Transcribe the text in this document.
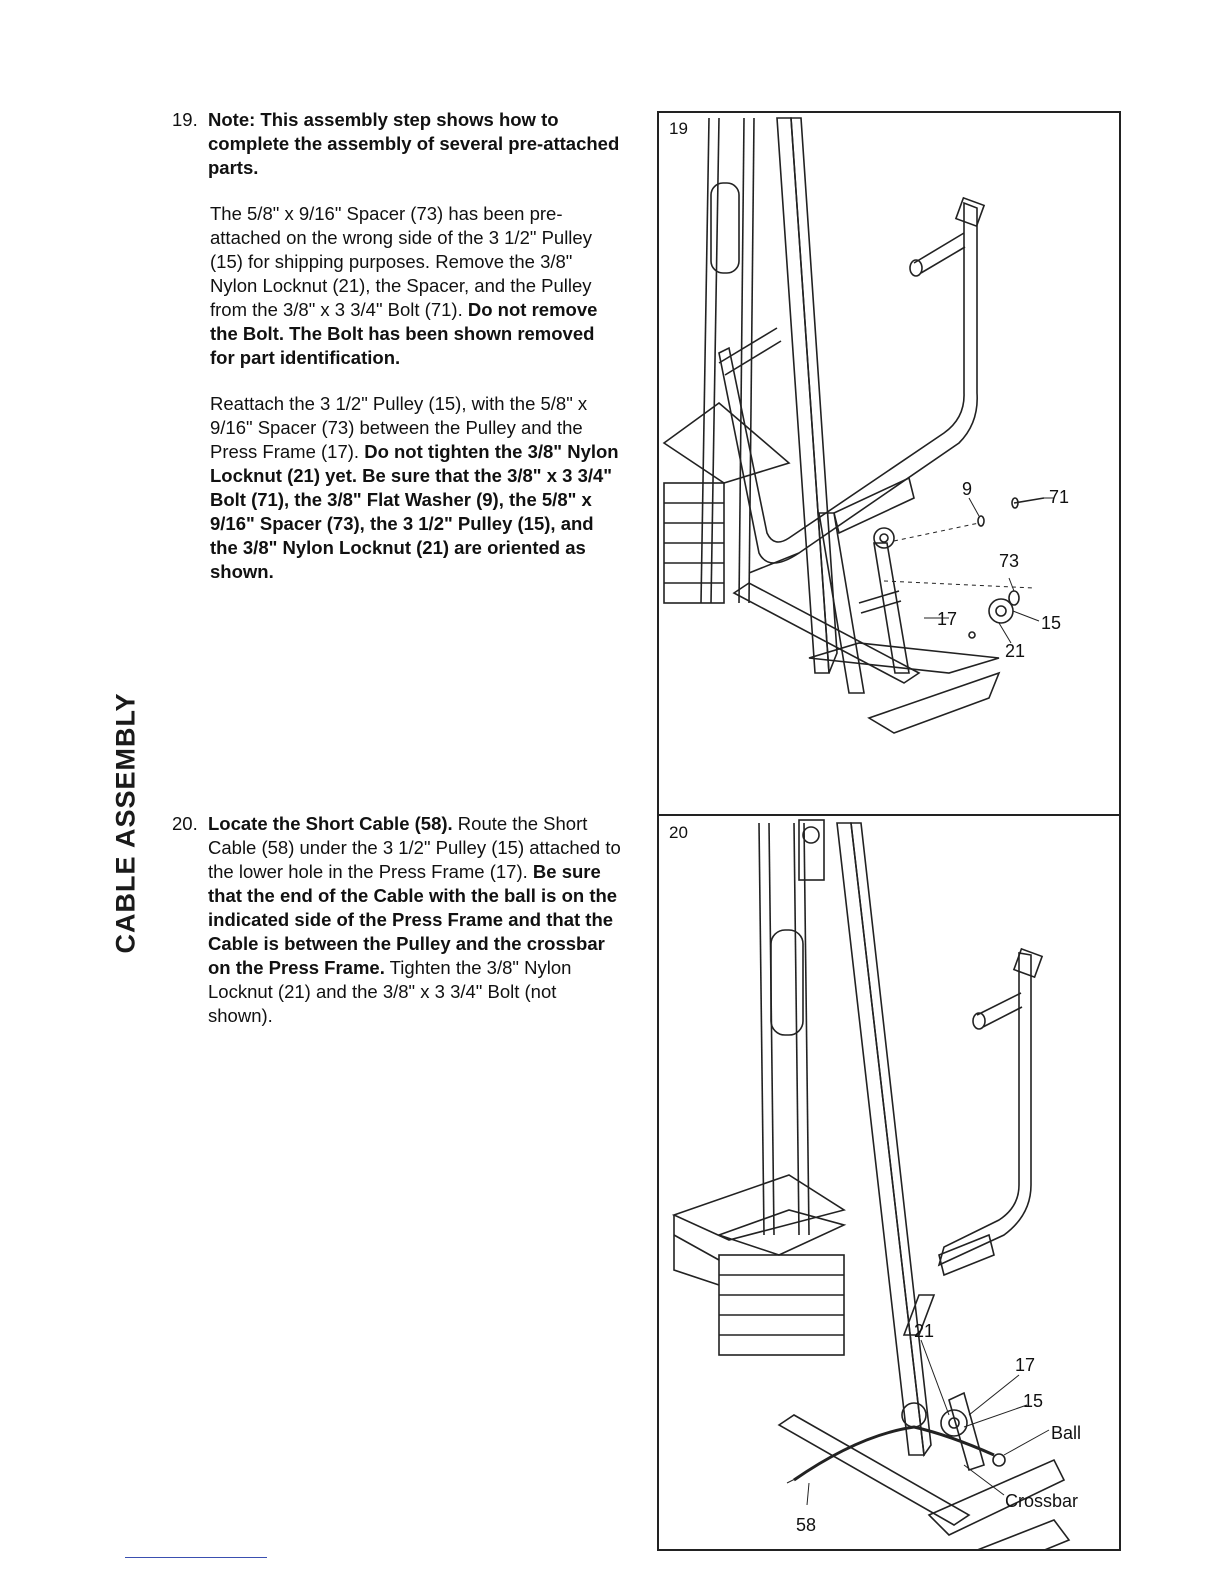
CABLE ASSEMBLY
19. Note: This assembly step shows how to complete the assembly of several pre-attached parts.

The 5/8" x 9/16" Spacer (73) has been pre-attached on the wrong side of the 3 1/2" Pulley (15) for shipping purposes. Remove the 3/8" Nylon Locknut (21), the Spacer, and the Pulley from the 3/8" x 3 3/4" Bolt (71). Do not remove the Bolt. The Bolt has been shown removed for part identification.

Reattach the 3 1/2" Pulley (15), with the 5/8" x 9/16" Spacer (73) between the Pulley and the Press Frame (17). Do not tighten the 3/8" Nylon Locknut (21) yet. Be sure that the 3/8" x 3 3/4" Bolt (71), the 3/8" Flat Washer (9), the 5/8" x 9/16" Spacer (73), the 3 1/2" Pulley (15), and the 3/8" Nylon Locknut (21) are oriented as shown.

20. Locate the Short Cable (58). Route the Short Cable (58) under the 3 1/2" Pulley (15) attached to the lower hole in the Press Frame (17). Be sure that the end of the Cable with the ball is on the indicated side of the Press Frame and that the Cable is between the Pulley and the crossbar on the Press Frame. Tighten the 3/8" Nylon Locknut (21) and the 3/8" x 3 3/4" Bolt (not shown).

19
9	71
73
17	15
21
20
21
17
15
Ball
Crossbar
58
